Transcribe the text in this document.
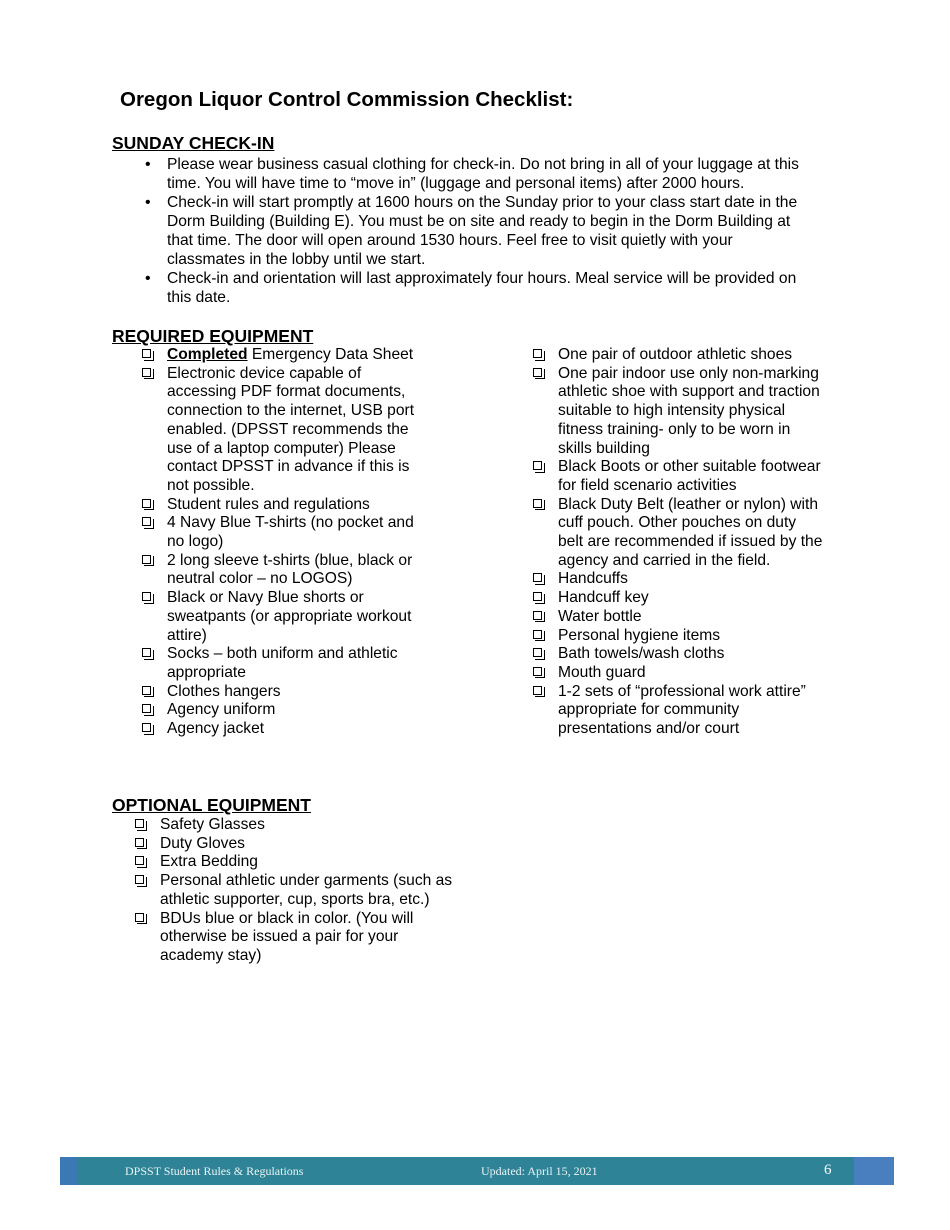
Oregon Liquor Control Commission Checklist:
SUNDAY CHECK-IN
• Please wear business casual clothing for check-in. Do not bring in all of your luggage at this
time. You will have time to “move in” (luggage and personal items) after 2000 hours.
• Check-in will start promptly at 1600 hours on the Sunday prior to your class start date in the
Dorm Building (Building E). You must be on site and ready to begin in the Dorm Building at
that time. The door will open around 1530 hours. Feel free to visit quietly with your
classmates in the lobby until we start.
• Check-in and orientation will last approximately four hours. Meal service will be provided on
this date.
REQUIRED EQUIPMENT
Completed Emergency Data Sheet
Electronic device capable of
accessing PDF format documents,
connection to the internet, USB port
enabled. (DPSST recommends the
use of a laptop computer) Please
contact DPSST in advance if this is
not possible.
Student rules and regulations
4 Navy Blue T-shirts (no pocket and
no logo)
2 long sleeve t-shirts (blue, black or
neutral color – no LOGOS)
Black or Navy Blue shorts or
sweatpants (or appropriate workout
attire)
Socks – both uniform and athletic
appropriate
Clothes hangers
Agency uniform
Agency jacket
One pair of outdoor athletic shoes
One pair indoor use only non-marking
athletic shoe with support and traction
suitable to high intensity physical
fitness training- only to be worn in
skills building
Black Boots or other suitable footwear
for field scenario activities
Black Duty Belt (leather or nylon) with
cuff pouch. Other pouches on duty
belt are recommended if issued by the
agency and carried in the field.
Handcuffs
Handcuff key
Water bottle
Personal hygiene items
Bath towels/wash cloths
Mouth guard
1-2 sets of “professional work attire”
appropriate for community
presentations and/or court
OPTIONAL EQUIPMENT
Safety Glasses
Duty Gloves
Extra Bedding
Personal athletic under garments (such as
athletic supporter, cup, sports bra, etc.)
BDUs blue or black in color. (You will
otherwise be issued a pair for your
academy stay)
DPSST Student Rules & Regulations	Updated: April 15, 2021	6
